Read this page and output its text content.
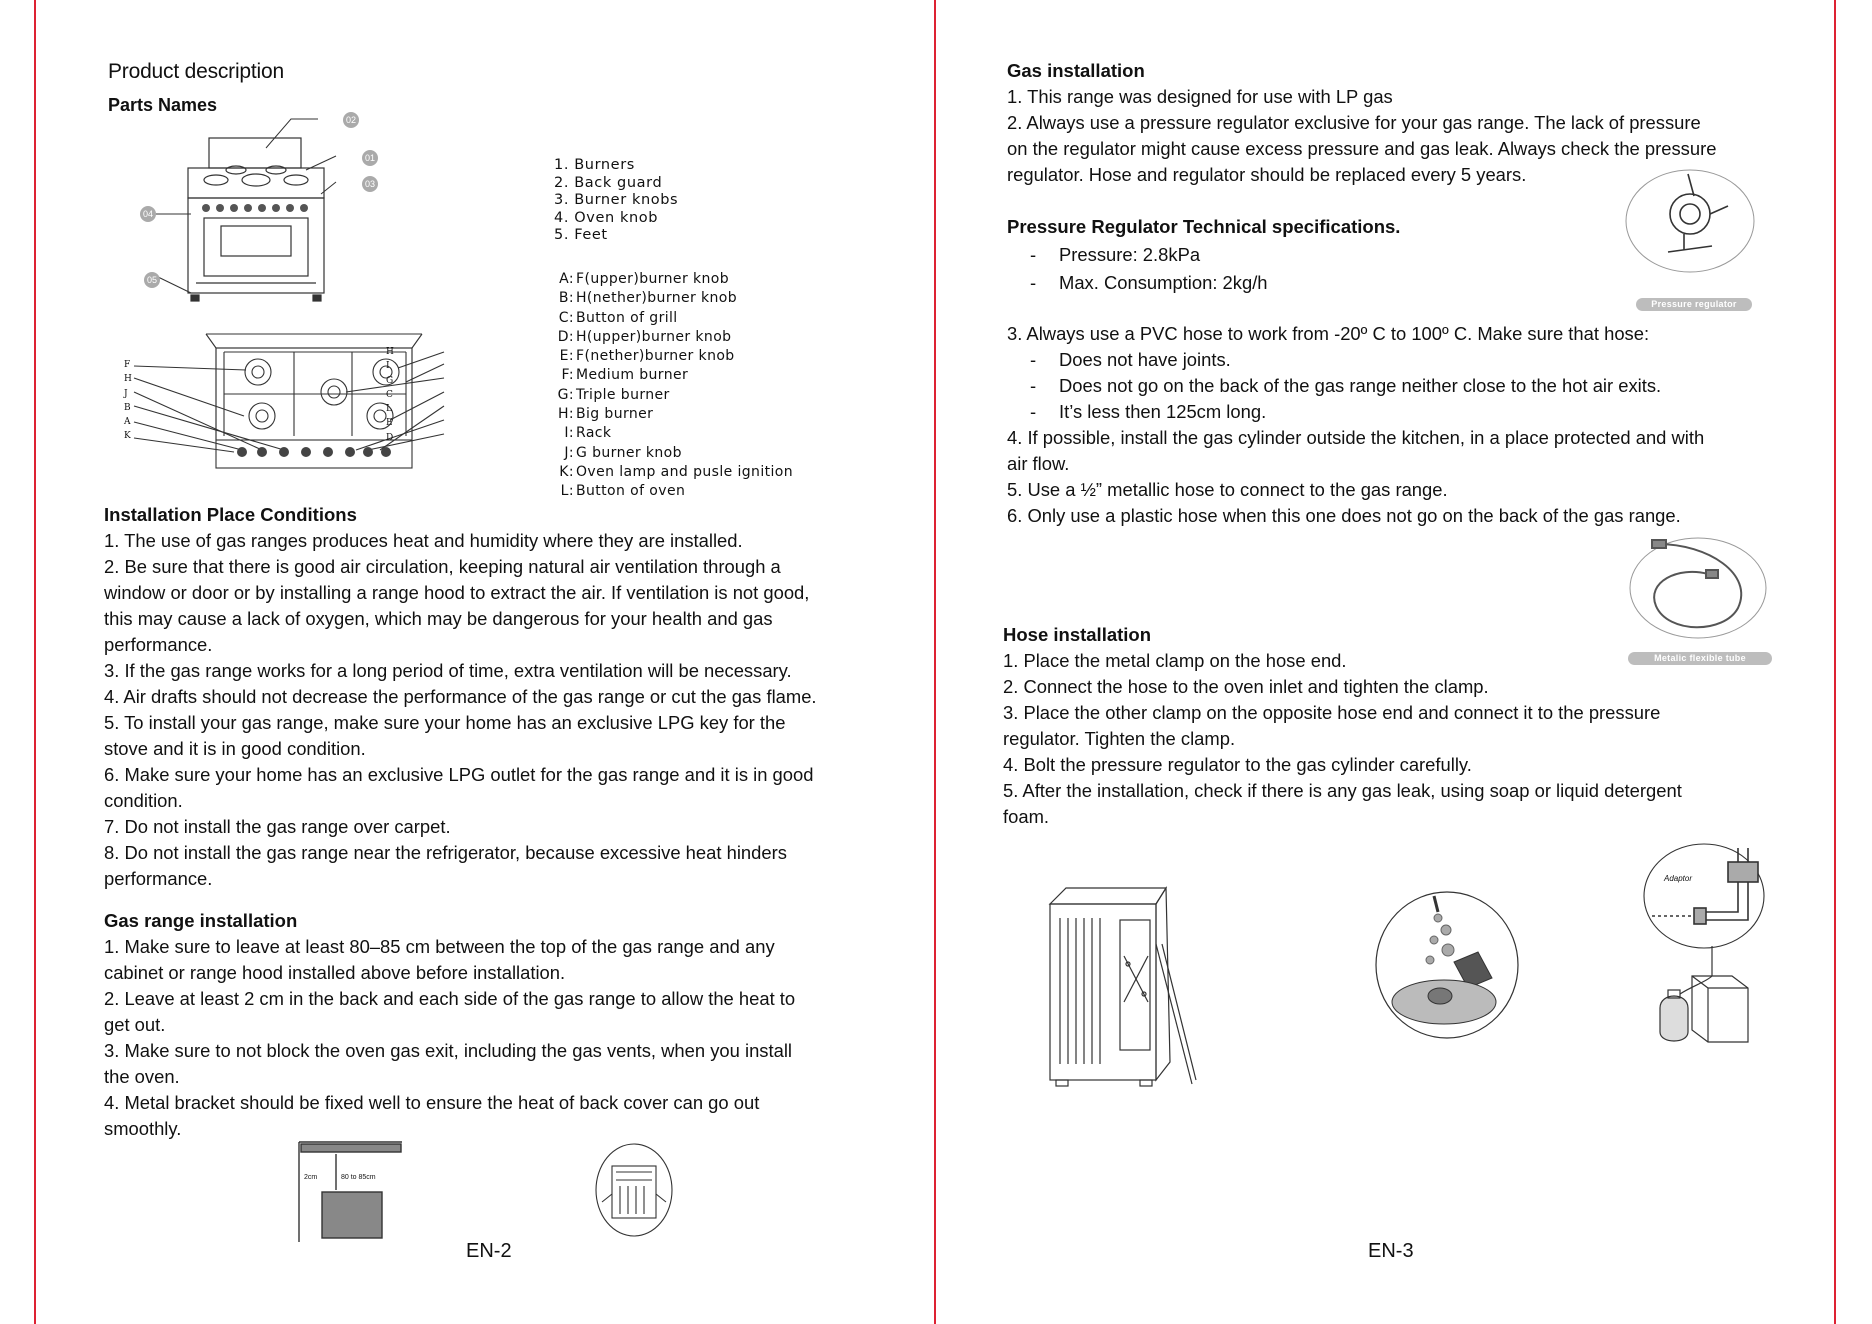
Product description
Parts Names
02
01
03
04
05
1. Burners
2. Back guard
3. Burner knobs
4. Oven knob
5. Feet
F
H
J
B
A
K
H
I
G
C
L
E
D
A: F(upper)burner knob
B: H(nether)burner knob
C: Button of grill
D: H(upper)burner knob
E: F(nether)burner knob
F: Medium burner
G: Triple burner
H: Big burner
I: Rack
J: G burner knob
K: Oven lamp and pusle ignition
L: Button of oven
Installation Place Conditions
1. The use of gas ranges produces heat and humidity where they are installed.
2. Be sure that there is good air circulation, keeping natural air ventilation through a
window or door or by installing a range hood to extract the air. If ventilation is not good,
this may cause a lack of oxygen, which may be dangerous for your health and gas
performance.
3. If the gas range works for a long period of time, extra ventilation will be necessary.
4. Air drafts should not decrease the performance of the gas range or cut the gas flame.
5. To install your gas range, make sure your home has an exclusive LPG key for the
stove and it is in good condition.
6. Make sure your home has an exclusive LPG outlet for the gas range and it is in good
condition.
7. Do not install the gas range over carpet.
8. Do not install the gas range near the refrigerator, because excessive heat hinders
performance.
Gas range installation
1. Make sure to leave at least 80–85 cm between the top of the gas range and any
cabinet or range hood installed above before installation.
2. Leave at least 2 cm in the back and each side of the gas range to allow the heat to
get out.
3. Make sure to not block the oven gas exit, including the gas vents, when you install
the oven.
4. Metal bracket should be fixed well to ensure the heat of back cover can go out
smoothly.
2cm	80 to 85cm
EN-2
Gas installation
1. This range was designed for use with LP gas
2. Always use a pressure regulator exclusive for your gas range. The lack of pressure
on the regulator might cause excess pressure and gas leak. Always check the pressure
regulator. Hose and regulator should be replaced every 5 years.
Pressure Regulator Technical specifications.
-	Pressure: 2.8kPa
-	Max. Consumption: 2kg/h
Pressure regulator
3. Always use a PVC hose to work from -20º C to 100º C. Make sure that hose:
-	Does not have joints.
-	Does not go on the back of the gas range neither close to the hot air exits.
-	It’s less then 125cm long.
4. If possible, install the gas cylinder outside the kitchen, in a place protected and with
air flow.
5. Use a ½” metallic hose to connect to the gas range.
6. Only use a plastic hose when this one does not go on the back of the gas range.
Metalic flexible tube
Hose installation
1. Place the metal clamp on the hose end.
2. Connect the hose to the oven inlet and tighten the clamp.
3. Place the other clamp on the opposite hose end and connect it to the pressure
regulator. Tighten the clamp.
4. Bolt the pressure regulator to the gas cylinder carefully.
5. After the installation, check if there is any gas leak, using soap or liquid detergent
foam.
Adaptor
EN-3
